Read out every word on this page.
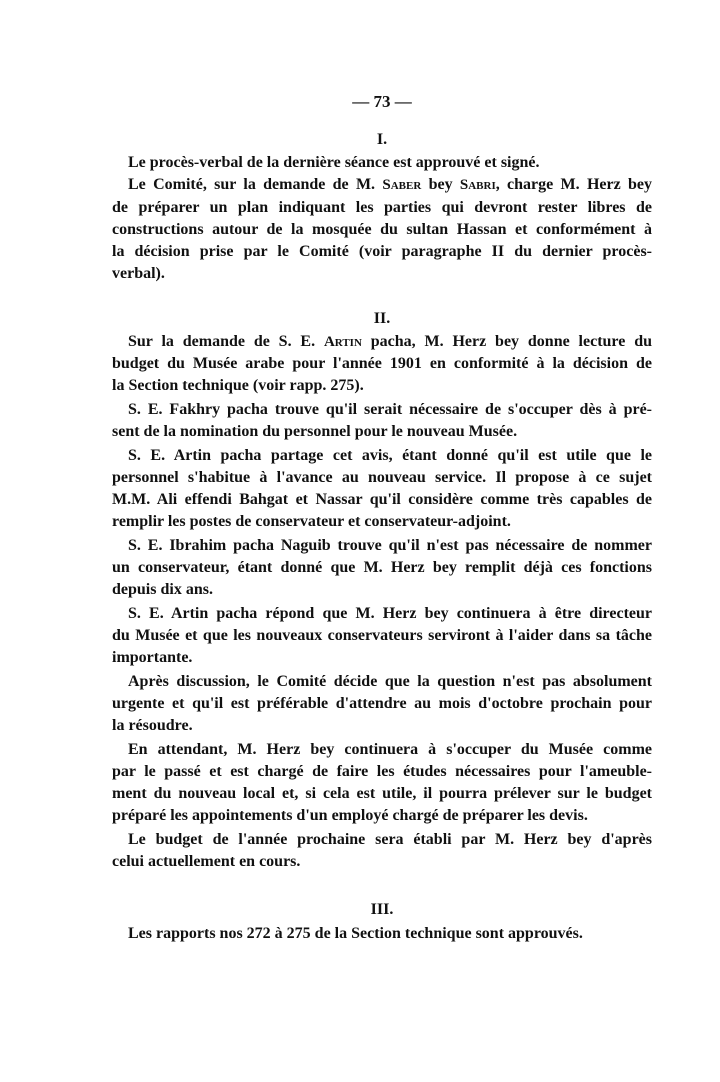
— 73 —
I.
Le procès-verbal de la dernière séance est approuvé et signé.
Le Comité, sur la demande de M. Saber bey Sabri, charge M. Herz bey
de préparer un plan indiquant les parties qui devront rester libres de
constructions autour de la mosquée du sultan Hassan et conformément à
la décision prise par le Comité (voir paragraphe II du dernier procès-
verbal).
II.
Sur la demande de S. E. Artin pacha, M. Herz bey donne lecture du
budget du Musée arabe pour l'année 1901 en conformité à la décision de
la Section technique (voir rapp. 275).
S. E. Fakhry pacha trouve qu'il serait nécessaire de s'occuper dès à pré-
sent de la nomination du personnel pour le nouveau Musée.
S. E. Artin pacha partage cet avis, étant donné qu'il est utile que le
personnel s'habitue à l'avance au nouveau service. Il propose à ce sujet
M.M. Ali effendi Bahgat et Nassar qu'il considère comme très capables de
remplir les postes de conservateur et conservateur-adjoint.
S. E. Ibrahim pacha Naguib trouve qu'il n'est pas nécessaire de nommer
un conservateur, étant donné que M. Herz bey remplit déjà ces fonctions
depuis dix ans.
S. E. Artin pacha répond que M. Herz bey continuera à être directeur
du Musée et que les nouveaux conservateurs serviront à l'aider dans sa tâche
importante.
Après discussion, le Comité décide que la question n'est pas absolument
urgente et qu'il est préférable d'attendre au mois d'octobre prochain pour
la résoudre.
En attendant, M. Herz bey continuera à s'occuper du Musée comme
par le passé et est chargé de faire les études nécessaires pour l'ameuble-
ment du nouveau local et, si cela est utile, il pourra prélever sur le budget
préparé les appointements d'un employé chargé de préparer les devis.
Le budget de l'année prochaine sera établi par M. Herz bey d'après
celui actuellement en cours.
III.
Les rapports nos 272 à 275 de la Section technique sont approuvés.
